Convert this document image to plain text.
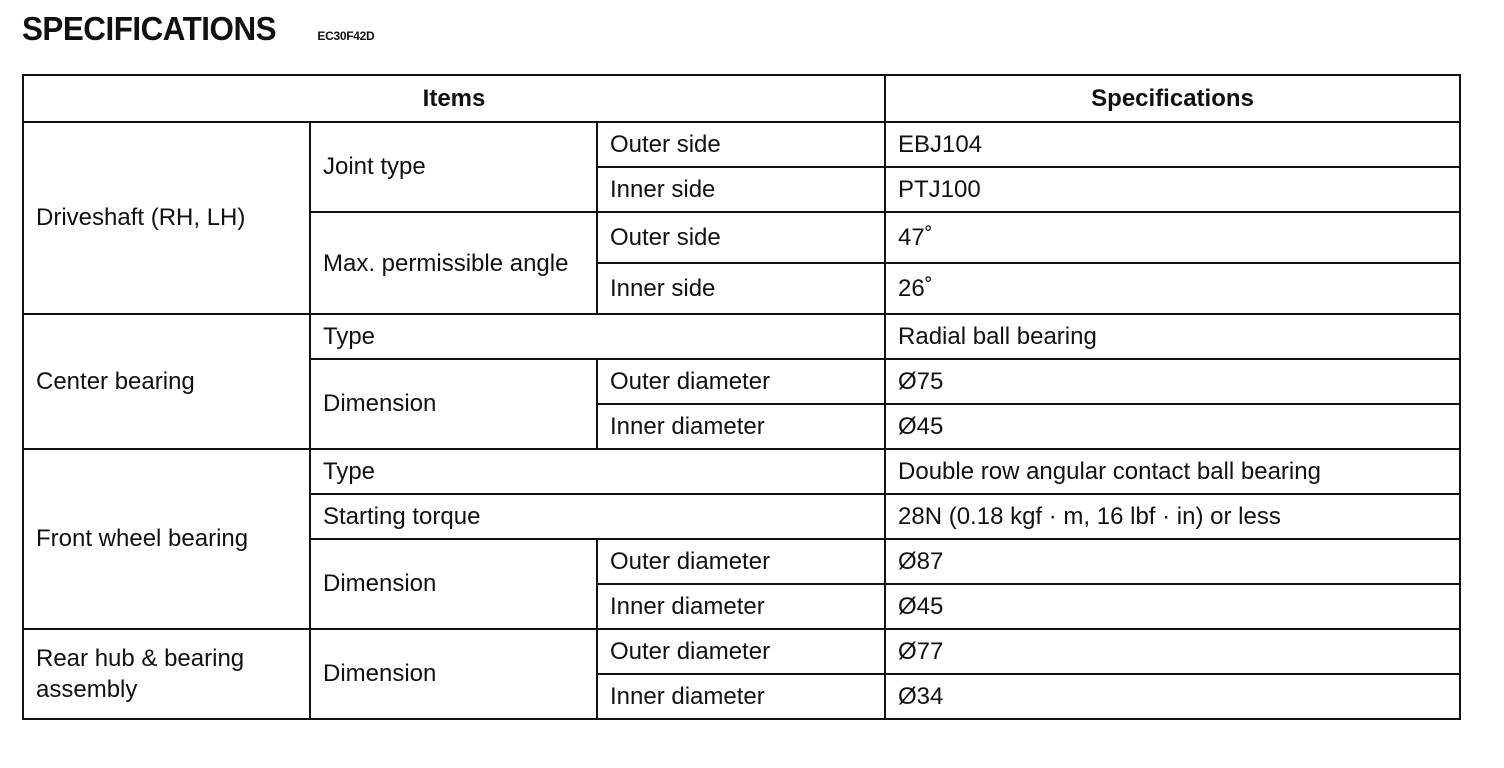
SPECIFICATIONS	EC30F42D
Items			Specifications
Driveshaft (RH, LH)	Joint type	Outer side	EBJ104
		Inner side	PTJ100
	Max. permissible angle	Outer side	47˚
		Inner side	26˚
Center bearing	Type		Radial ball bearing
	Dimension	Outer diameter	Ø75
		Inner diameter	Ø45
Front wheel bearing	Type		Double row angular contact ball bearing
	Starting torque		28N (0.18 kgf · m, 16 lbf · in) or less
	Dimension	Outer diameter	Ø87
		Inner diameter	Ø45
Rear hub & bearing assembly	Dimension	Outer diameter	Ø77
		Inner diameter	Ø34
